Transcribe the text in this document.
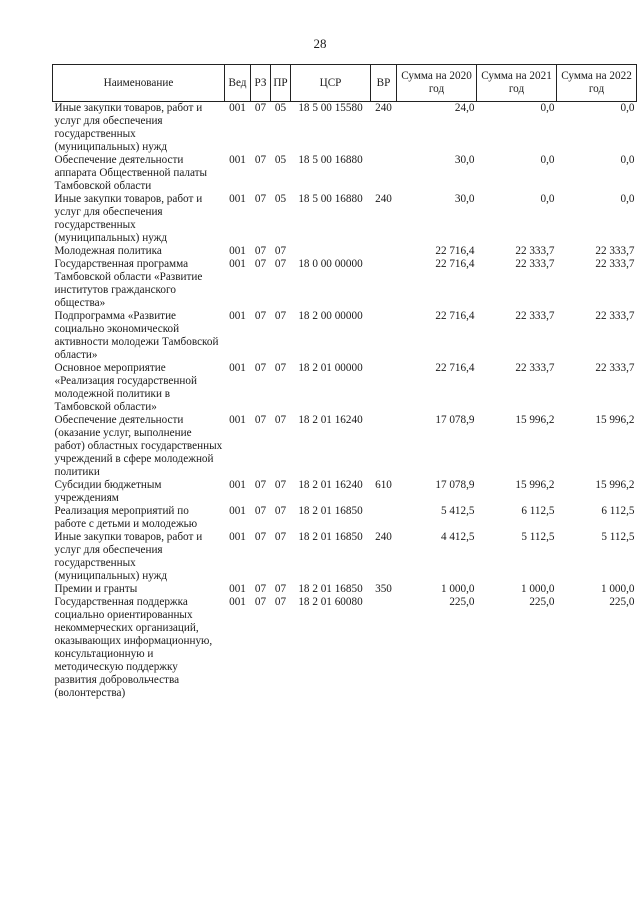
28
Наименование	Вед	РЗ	ПР	ЦСР	ВР	Сумма на 2020 год	Сумма на 2021 год	Сумма на 2022 год
Иные закупки товаров, работ и услуг для обеспечения государственных (муниципальных) нужд	001	07	05	18 5 00 15580	240	24,0	0,0	0,0
Обеспечение деятельности аппарата Общественной палаты Тамбовской области	001	07	05	18 5 00 16880		30,0	0,0	0,0
Иные закупки товаров, работ и услуг для обеспечения государственных (муниципальных) нужд	001	07	05	18 5 00 16880	240	30,0	0,0	0,0
Молодежная политика	001	07	07			22 716,4	22 333,7	22 333,7
Государственная программа Тамбовской области «Развитие институтов гражданского общества»	001	07	07	18 0 00 00000		22 716,4	22 333,7	22 333,7
Подпрограмма «Развитие социально экономической активности молодежи Тамбовской области»	001	07	07	18 2 00 00000		22 716,4	22 333,7	22 333,7
Основное мероприятие «Реализация государственной молодежной политики в Тамбовской области»	001	07	07	18 2 01 00000		22 716,4	22 333,7	22 333,7
Обеспечение деятельности (оказание услуг, выполнение работ) областных государственных учреждений в сфере молодежной политики	001	07	07	18 2 01 16240		17 078,9	15 996,2	15 996,2
Субсидии бюджетным учреждениям	001	07	07	18 2 01 16240	610	17 078,9	15 996,2	15 996,2
Реализация мероприятий по работе с детьми и молодежью	001	07	07	18 2 01 16850		5 412,5	6 112,5	6 112,5
Иные закупки товаров, работ и услуг для обеспечения государственных (муниципальных) нужд	001	07	07	18 2 01 16850	240	4 412,5	5 112,5	5 112,5
Премии и гранты	001	07	07	18 2 01 16850	350	1 000,0	1 000,0	1 000,0
Государственная поддержка социально ориентированных некоммерческих организаций, оказывающих информационную, консультационную и методическую поддержку развития добровольчества (волонтерства)	001	07	07	18 2 01 60080		225,0	225,0	225,0
